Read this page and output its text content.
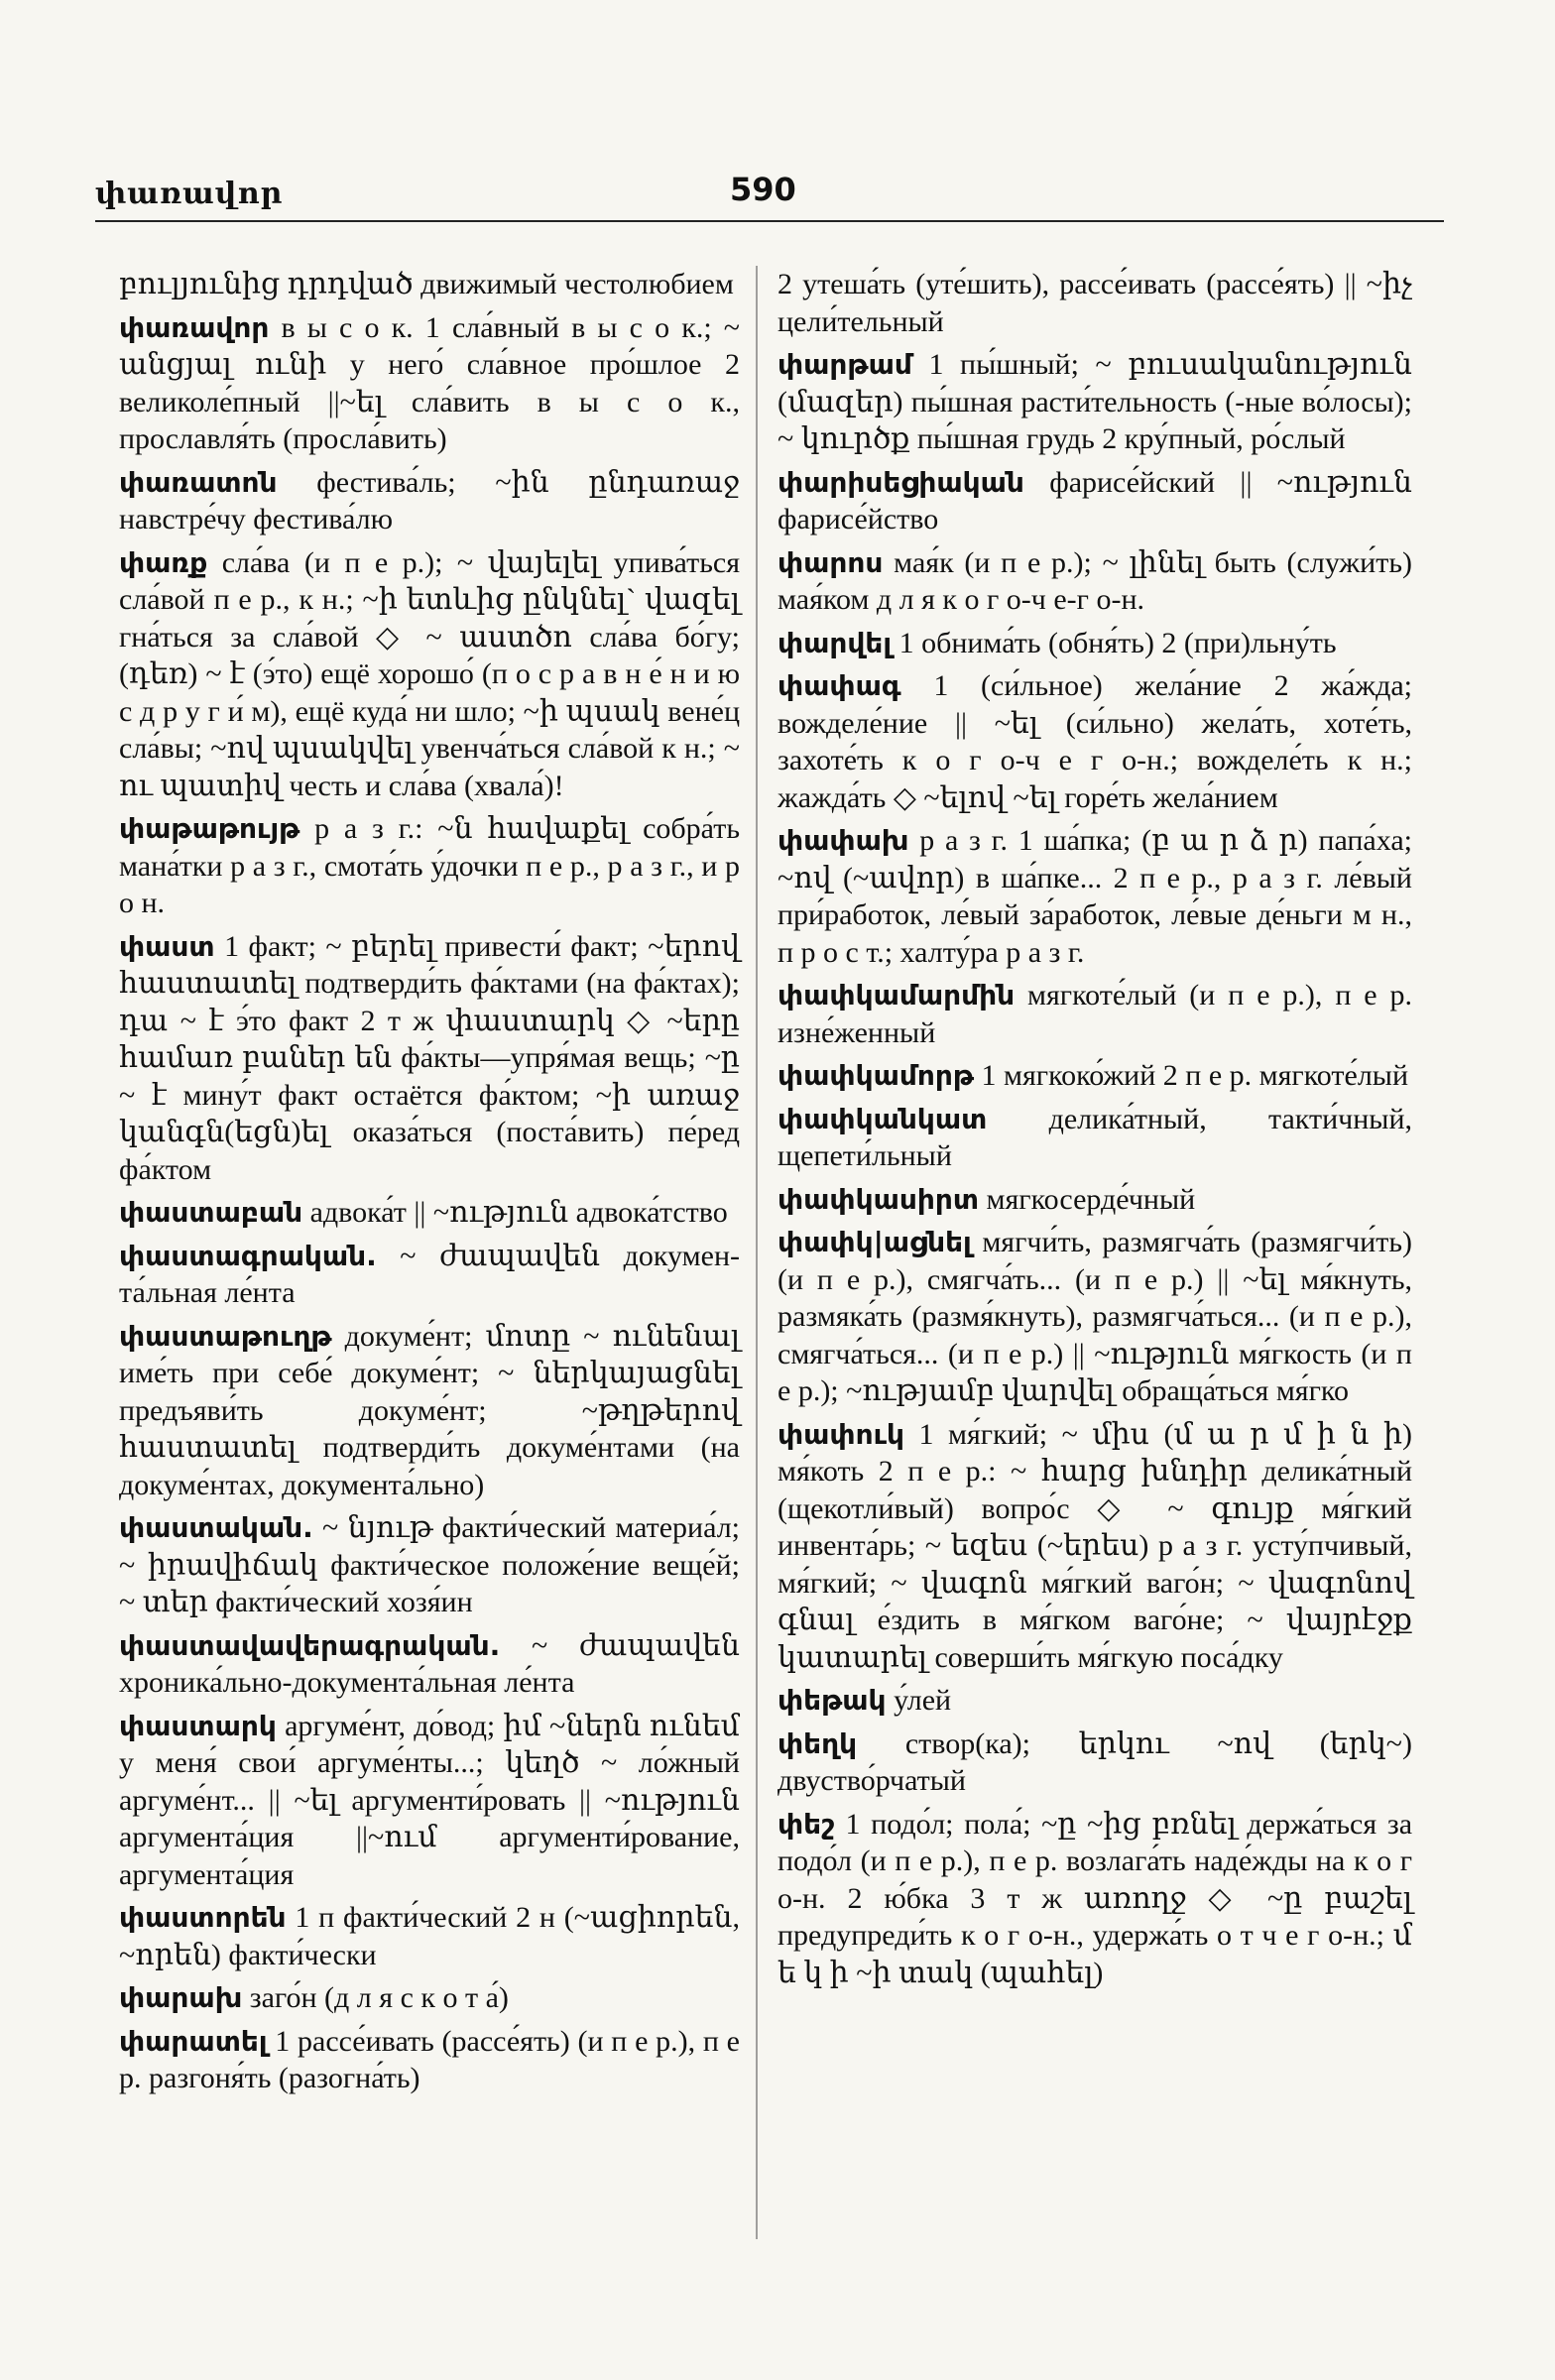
փառավոր	590

բուլյունից դրդված движимый честолюбием

փառավոր в ы с о к. 1 сла́вный в ы с о к.; ~ անցյալ ունի у него́ сла́вное про́шлое 2 великоле́пный ||~ել сла́вить в ы с о к., прославля́ть (просла́вить)

փառատոն фестива́ль; ~ին ընդառաջ навстре́чу фестива́лю

փառք сла́ва (и п е р.); ~ վայելել упива́ться сла́вой п е р., к н.; ~ի ետևից ընկնել` վազել гна́ться за сла́вой ◇ ~ աստծո сла́ва бо́гу; (դեռ) ~ է (э́то) ещё хорошо́ (п о с р а в н е́ н и ю с д р у г и́ м), ещё куда́ ни шло; ~ի պսակ вене́ц сла́вы; ~ով պսակվել увенча́ться сла́вой к н.; ~ ու պատիվ честь и сла́ва (хвала́)!

փաթաթույթ р а з г.: ~ն հավաքել собра́ть мана́тки р а з г., смота́ть у́дочки п е р., р а з г., и р о н.

փաստ 1 факт; ~ բերել привести́ факт; ~երով հաստատել подтверди́ть фа́ктами (на фа́ктах); դա ~ է э́то факт 2 т ж փաստարկ ◇ ~երը համառ բաներ են фа́кты—упря́мая вещь; ~ը ~ է мину́т факт остаётся фа́ктом; ~ի առաջ կանգն(եցն)ել оказа́ться (поста́вить) пе́ред фа́ктом

փաստաբան адвока́т || ~ություն адвока́тство

փաստագրական. ~ ժապավեն документа́льная ле́нта

փաստաթուղթ докуме́нт; մոտը ~ ունենալ име́ть при себе́ докуме́нт; ~ ներկայացնել предъяви́ть докуме́нт; ~թղթերով հաստատել подтверди́ть докуме́нтами (на докуме́нтах, документа́льно)

փաստական. ~ նյութ факти́ческий материа́л; ~ իրավիճակ факти́ческое положе́ние веще́й; ~ տեր факти́ческий хозя́ин

փաստավավերագրական. ~ ժապավեն хроника́льно-документа́льная ле́нта

փաստարկ аргуме́нт, до́вод; իմ ~ներն ունեմ у меня́ свои́ аргуме́нты...; կեղծ ~ ло́жный аргуме́нт... || ~ել аргументи́ровать || ~ություն аргумента́ция ||~ում аргументи́рование, аргумента́ция

փաստորեն 1 п факти́ческий 2 н (~ացիորեն, ~որեն) факти́чески

փարախ заго́н (д л я с к о т а́)

փարատել 1 рассе́ивать (рассе́ять) (и п е р.), п е р. разгоня́ть (разогна́ть)

2 утеша́ть (уте́шить), рассе́ивать (рассе́ять) || ~իչ цели́тельный

փարթամ 1 пы́шный; ~ բուսականություն (մազեր) пы́шная расти́тельность (-ные во́лосы); ~ կուրծք пы́шная грудь 2 кру́пный, ро́слый

փարիսեցիական фарисе́йский || ~ություն фарисе́йство

փարոս мая́к (и п е р.); ~ լինել быть (служи́ть) мая́ком д л я к о г о-ч е-г о-н.

փարվել 1 обнима́ть (обня́ть) 2 (при)льну́ть

փափագ 1 (си́льное) жела́ние 2 жа́жда; вожделе́ние || ~ել (си́льно) жела́ть, хоте́ть, захоте́ть к о г о-ч е г о-н.; вожделе́ть к н.; жажда́ть ◇ ~ելով ~ել горе́ть жела́нием

փափախ р а з г. 1 ша́пка; (բ ա ր ձ ր) папа́ха; ~ով (~ավոր) в ша́пке... 2 п е р., р а з г. ле́вый при́работок, ле́вый за́работок, ле́вые де́ньги м н., п р о с т.; халту́ра р а з г.

փափկամարմին мягкоте́лый (и п е р.), п е р. изне́женный

փափկամորթ 1 мягкоко́жий 2 п е р. мягкоте́лый

փափկանկատ делика́тный, такти́чный, щепети́льный

փափկասիրտ мягкосерде́чный

փափկ|ացնել мягчи́ть, размягча́ть (размягчи́ть) (и п е р.), смягча́ть... (и п е р.) || ~ել мя́кнуть, размяка́ть (размя́кнуть), размягча́ться... (и п е р.), смягча́ться... (и п е р.) || ~ություն мя́гкость (и п е р.); ~ությամբ վարվել обраща́ться мя́гко

փափուկ 1 мя́гкий; ~ միս (մ ա ր մ ի ն ի) мя́коть 2 п е р.: ~ հարց խնդիր делика́тный (щекотли́вый) вопро́с ◇ ~ գույք мя́гкий инвента́рь; ~ եզես (~երես) р а з г. усту́пчивый, мя́гкий; ~ վագոն мя́гкий ваго́н; ~ վագոնով գնալ е́здить в мя́гком ваго́не; ~ վայրէջք կատարել соверши́ть мя́гкую поса́дку

փեթակ у́лей

փեղկ створ(ка); երկու ~ով (երկ~) двуство́рчатый

փեշ 1 подо́л; пола́; ~ը ~ից բռնել держа́ться за подо́л (и п е р.), п е р. возлага́ть наде́жды на к о г о-н. 2 ю́бка 3 т ж առողջ ◇ ~ը բաշել предупреди́ть к о г о-н., удержа́ть о т ч е г о-н.; մ ե կ ի ~ի տակ (պահել)
